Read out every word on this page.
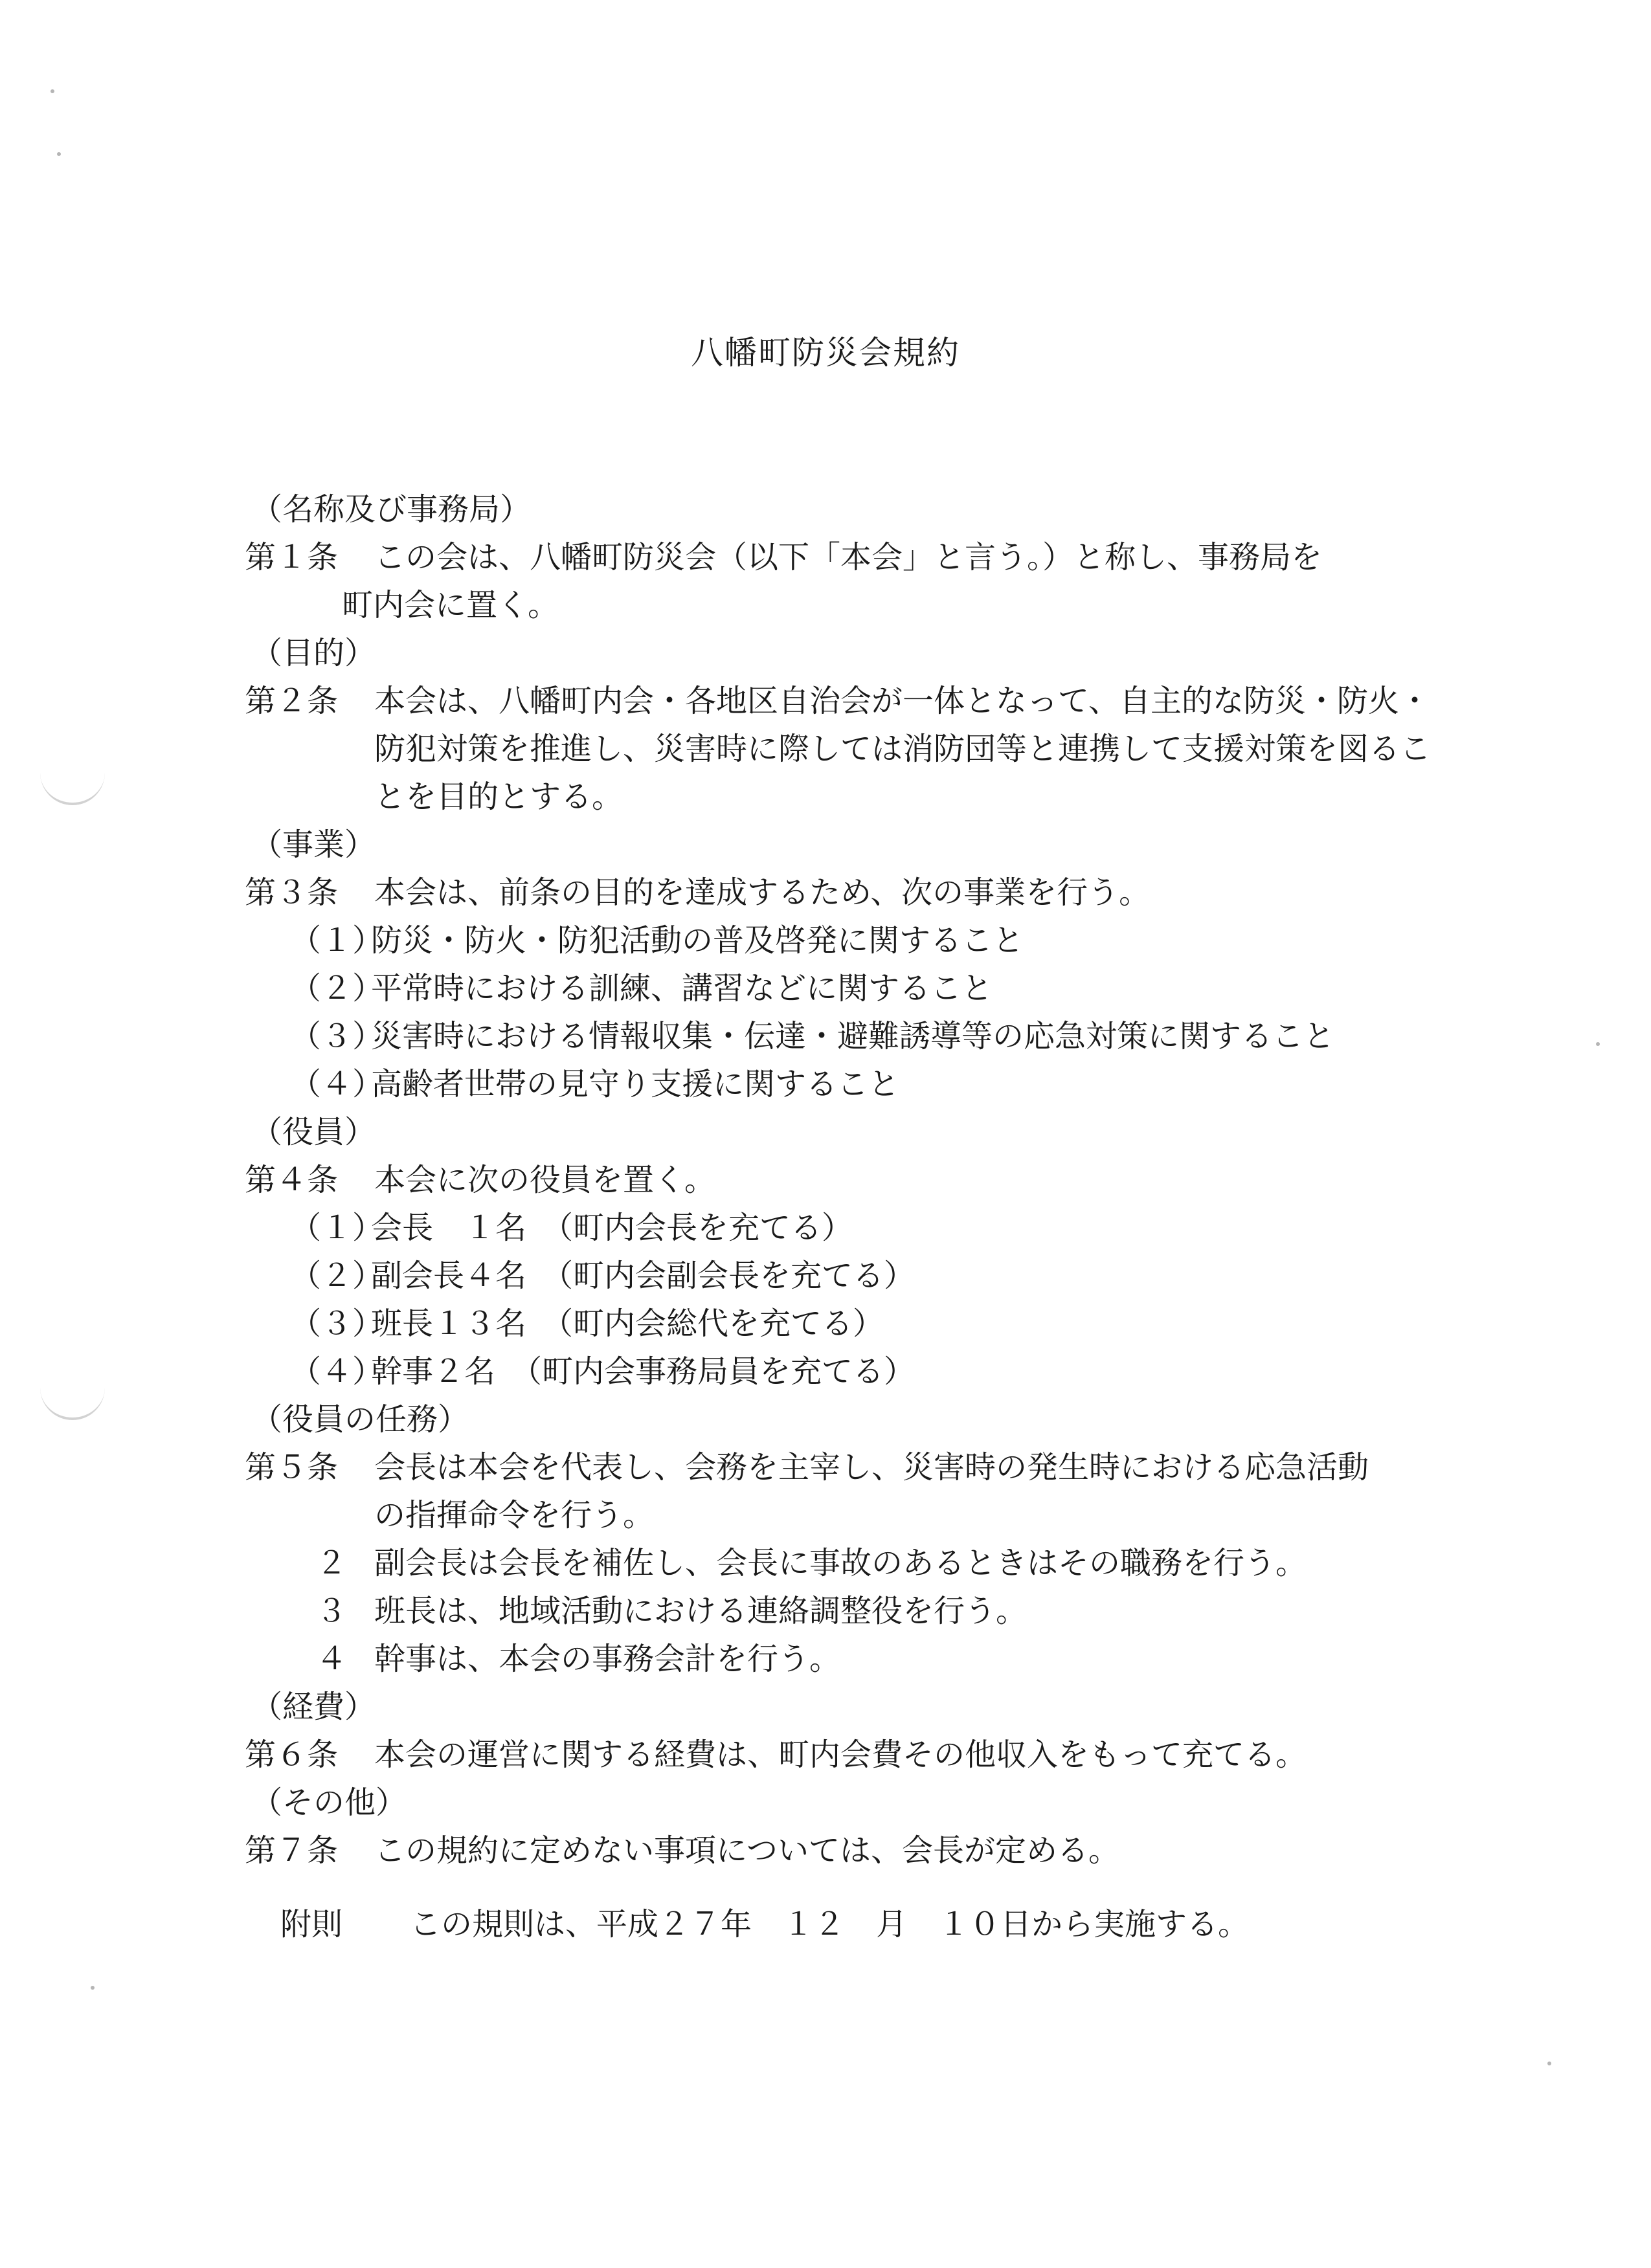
八幡町防災会規約
（名称及び事務局）
第１条	この会は、八幡町防災会（以下「本会」と言う。）と称し、事務局を
町内会に置く。
（目的）
第２条	本会は、八幡町内会・各地区自治会が一体となって、自主的な防災・防火・
防犯対策を推進し、災害時に際しては消防団等と連携して支援対策を図るこ
とを目的とする。
（事業）
第３条	本会は、前条の目的を達成するため、次の事業を行う。
（１）
防災・防火・防犯活動の普及啓発に関すること
（２）
平常時における訓練、講習などに関すること
（３）
災害時における情報収集・伝達・避難誘導等の応急対策に関すること
（４）
高齢者世帯の見守り支援に関すること
（役員）
第４条	本会に次の役員を置く。
（１）
会長　１名　（町内会長を充てる）
（２）
副会長４名　（町内会副会長を充てる）
（３）
班長１３名　（町内会総代を充てる）
（４）
幹事２名　（町内会事務局員を充てる）
（役員の任務）
第５条	会長は本会を代表し、会務を主宰し、災害時の発生時における応急活動
の指揮命令を行う。
２ 副会長は会長を補佐し、会長に事故のあるときはその職務を行う。
３ 班長は、地域活動における連絡調整役を行う。
４ 幹事は、本会の事務会計を行う。
（経費）
第６条	本会の運営に関する経費は、町内会費その他収入をもって充てる。
（その他）
第７条	この規約に定めない事項については、会長が定める。
附則	この規則は、平成２７年　１２　月　１０日から実施する。
